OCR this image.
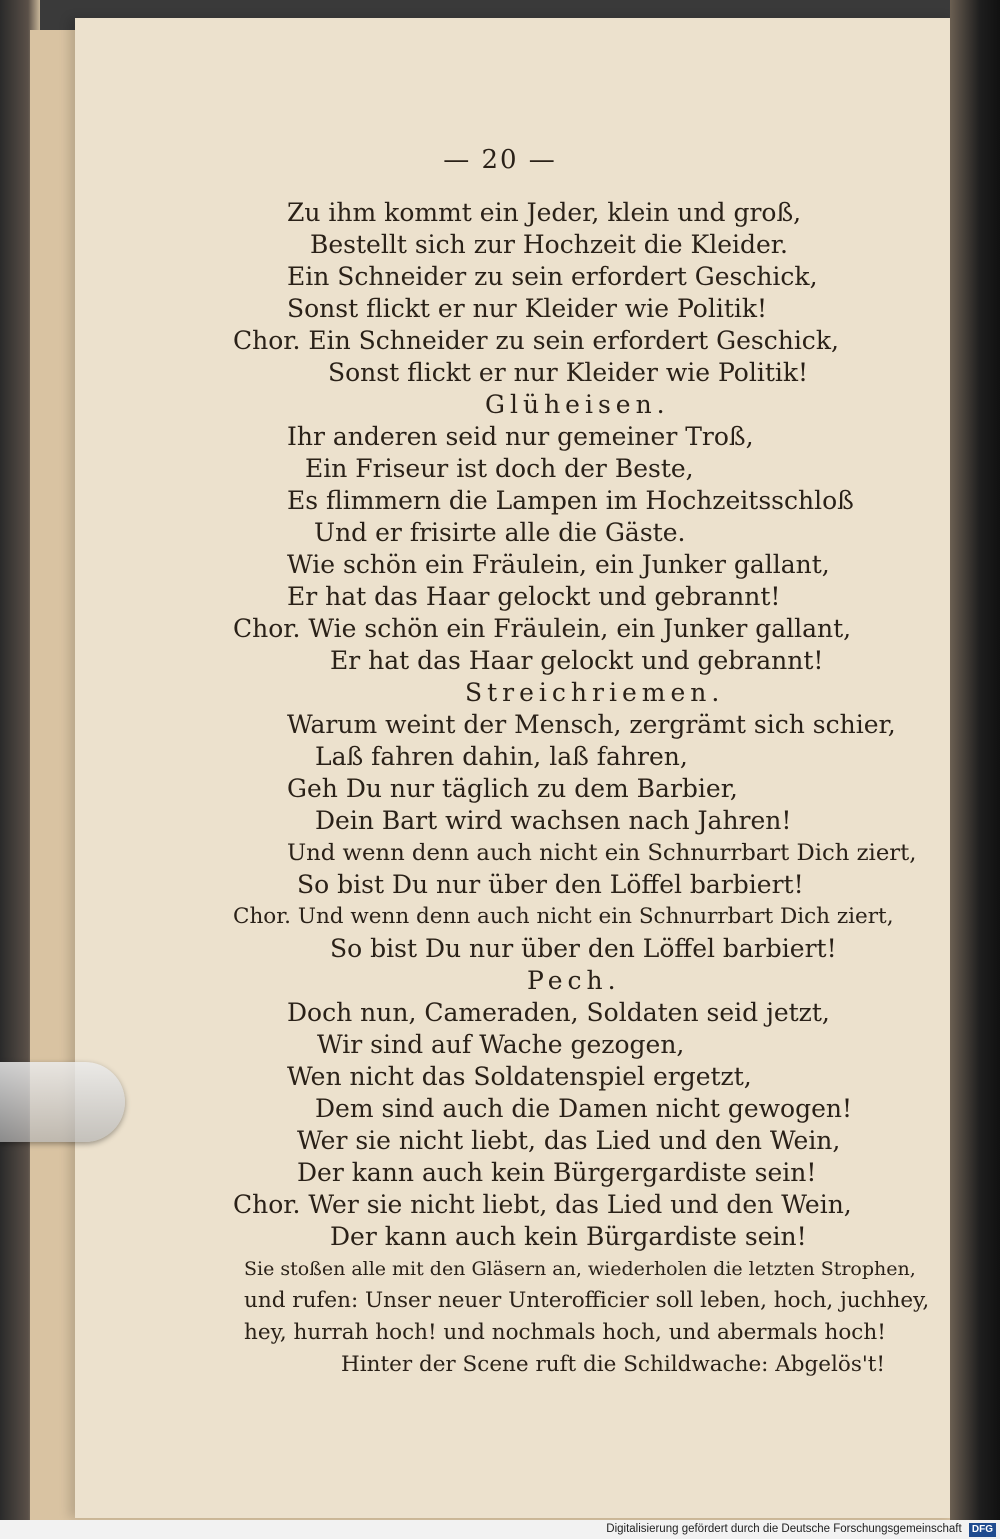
— 20 —
Zu ihm kommt ein Jeder, klein und groß,
Bestellt sich zur Hochzeit die Kleider.
Ein Schneider zu sein erfordert Geschick,
Sonst flickt er nur Kleider wie Politik!
Chor. Ein Schneider zu sein erfordert Geschick,
Sonst flickt er nur Kleider wie Politik!
Glüheisen.
Ihr anderen seid nur gemeiner Troß,
Ein Friseur ist doch der Beste,
Es flimmern die Lampen im Hochzeitsschloß
Und er frisirte alle die Gäste.
Wie schön ein Fräulein, ein Junker gallant,
Er hat das Haar gelockt und gebrannt!
Chor. Wie schön ein Fräulein, ein Junker gallant,
Er hat das Haar gelockt und gebrannt!
Streichriemen.
Warum weint der Mensch, zergrämt sich schier,
Laß fahren dahin, laß fahren,
Geh Du nur täglich zu dem Barbier,
Dein Bart wird wachsen nach Jahren!
Und wenn denn auch nicht ein Schnurrbart Dich ziert,
So bist Du nur über den Löffel barbiert!
Chor. Und wenn denn auch nicht ein Schnurrbart Dich ziert,
So bist Du nur über den Löffel barbiert!
Pech.
Doch nun, Cameraden, Soldaten seid jetzt,
Wir sind auf Wache gezogen,
Wen nicht das Soldatenspiel ergetzt,
Dem sind auch die Damen nicht gewogen!
Wer sie nicht liebt, das Lied und den Wein,
Der kann auch kein Bürgergardiste sein!
Chor. Wer sie nicht liebt, das Lied und den Wein,
Der kann auch kein Bürgardiste sein!
Sie stoßen alle mit den Gläsern an, wiederholen die letzten Strophen,
und rufen: Unser neuer Unterofficier soll leben, hoch, juchhey,
hey, hurrah hoch! und nochmals hoch, und abermals hoch!
Hinter der Scene ruft die Schildwache: Abgelös't!
Digitalisierung gefördert durch die Deutsche Forschungsgemeinschaft DFG
